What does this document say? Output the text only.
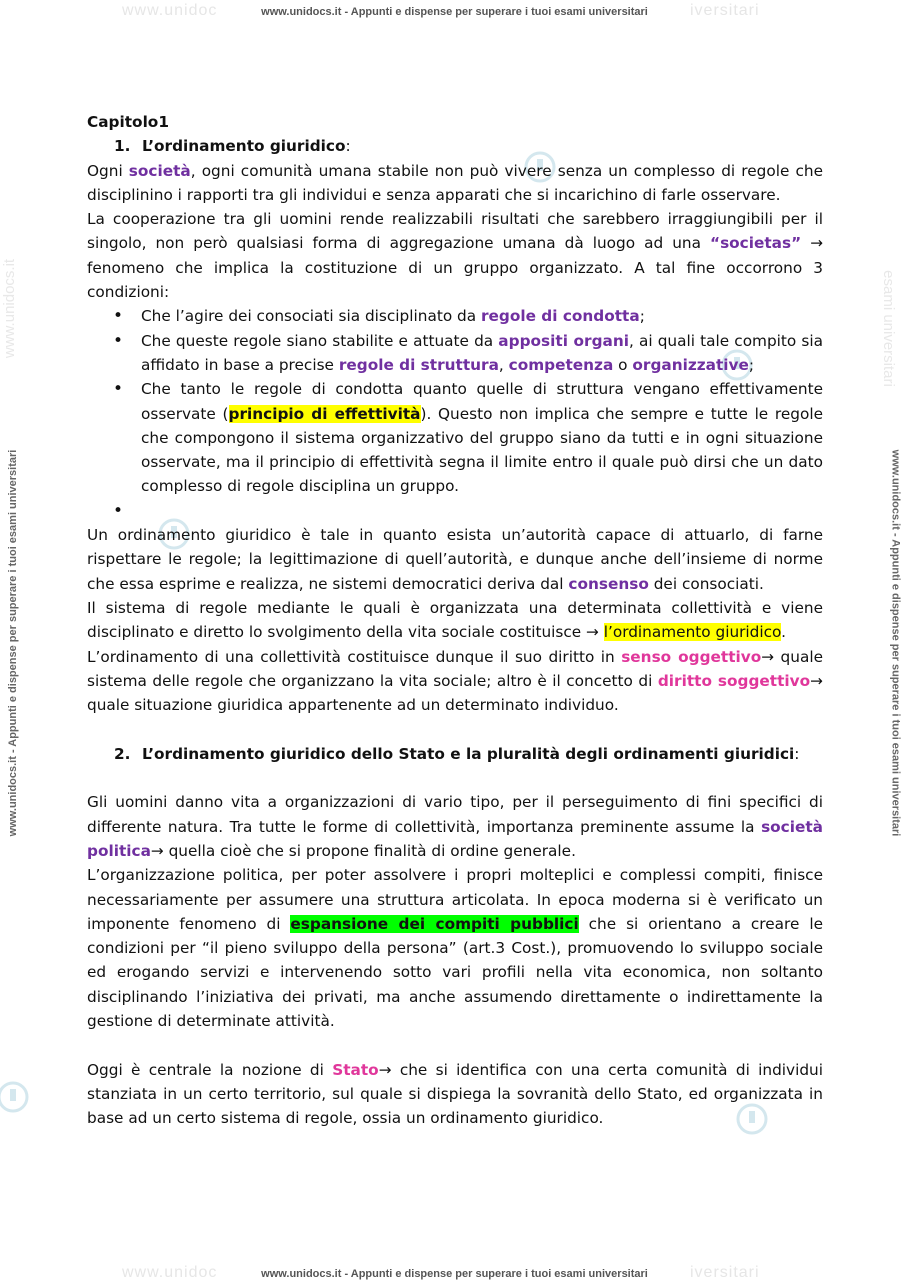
www.unidoc	www.unidocs.it - Appunti e dispense per superare i tuoi esami universitari	iversitari
www.unidoc	www.unidocs.it - Appunti e dispense per superare i tuoi esami universitari	iversitari
www.unidocs.it - Appunti e dispense per superare i tuoi esami universitari	www.unidocs.it - Appunti e dispense per superare i tuoi esami universitari
www.unidocs.it	esami universitari

Capitolo1

1. L’ordinamento giuridico:

Ogni società, ogni comunità umana stabile non può vivere senza un complesso di regole che disciplinino i rapporti tra gli individui e senza apparati che si incarichino di farle osservare.

La cooperazione tra gli uomini rende realizzabili risultati che sarebbero irraggiungibili per il singolo, non però qualsiasi forma di aggregazione umana dà luogo ad una “societas” → fenomeno che implica la costituzione di un gruppo organizzato. A tal fine occorrono 3 condizioni:

• Che l’agire dei consociati sia disciplinato da regole di condotta;
• Che queste regole siano stabilite e attuate da appositi organi, ai quali tale compito sia affidato in base a precise regole di struttura, competenza o organizzative;
• Che tanto le regole di condotta quanto quelle di struttura vengano effettivamente osservate (principio di effettività). Questo non implica che sempre e tutte le regole che compongono il sistema organizzativo del gruppo siano da tutti e in ogni situazione osservate, ma il principio di effettività segna il limite entro il quale può dirsi che un dato complesso di regole disciplina un gruppo.
•

Un ordinamento giuridico è tale in quanto esista un’autorità capace di attuarlo, di farne rispettare le regole; la legittimazione di quell’autorità, e dunque anche dell’insieme di norme che essa esprime e realizza, ne sistemi democratici deriva dal consenso dei consociati.

Il sistema di regole mediante le quali è organizzata una determinata collettività e viene disciplinato e diretto lo svolgimento della vita sociale costituisce → l’ordinamento giuridico.

L’ordinamento di una collettività costituisce dunque il suo diritto in senso oggettivo→ quale sistema delle regole che organizzano la vita sociale; altro è il concetto di diritto soggettivo→ quale situazione giuridica appartenente ad un determinato individuo.

2. L’ordinamento giuridico dello Stato e la pluralità degli ordinamenti giuridici:

Gli uomini danno vita a organizzazioni di vario tipo, per il perseguimento di fini specifici di differente natura. Tra tutte le forme di collettività, importanza preminente assume la società politica→ quella cioè che si propone finalità di ordine generale.

L’organizzazione politica, per poter assolvere i propri molteplici e complessi compiti, finisce necessariamente per assumere una struttura articolata. In epoca moderna si è verificato un imponente fenomeno di espansione dei compiti pubblici che si orientano a creare le condizioni per “il pieno sviluppo della persona” (art.3 Cost.), promuovendo lo sviluppo sociale ed erogando servizi e intervenendo sotto vari profili nella vita economica, non soltanto disciplinando l’iniziativa dei privati, ma anche assumendo direttamente o indirettamente la gestione di determinate attività.

Oggi è centrale la nozione di Stato→ che si identifica con una certa comunità di individui stanziata in un certo territorio, sul quale si dispiega la sovranità dello Stato, ed organizzata in base ad un certo sistema di regole, ossia un ordinamento giuridico.
